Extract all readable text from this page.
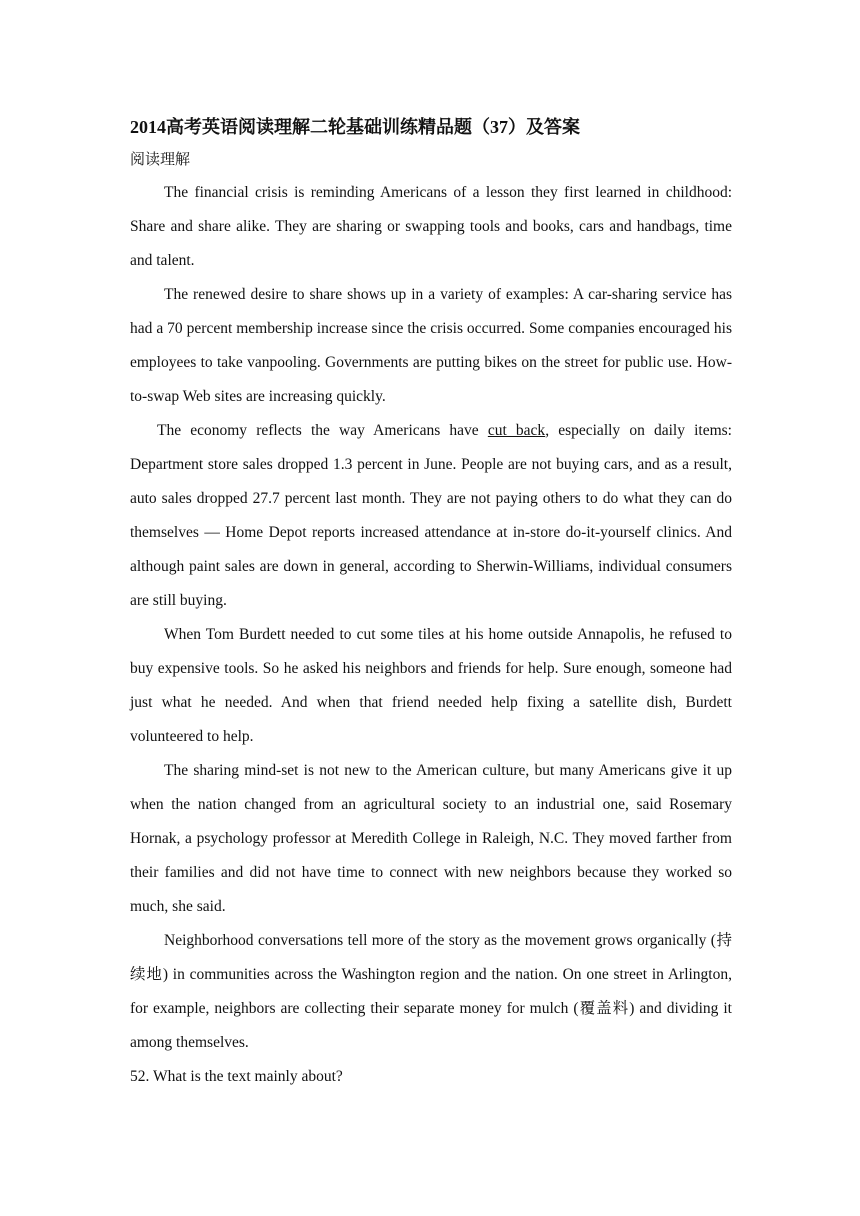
2014高考英语阅读理解二轮基础训练精品题（37）及答案
阅读理解

The financial crisis is reminding Americans of a lesson they first learned in childhood: Share and share alike. They are sharing or swapping tools and books, cars and handbags, time and talent.

The renewed desire to share shows up in a variety of examples: A car-sharing service has had a 70 percent membership increase since the crisis occurred. Some companies encouraged his employees to take vanpooling. Governments are putting bikes on the street for public use. How-to-swap Web sites are increasing quickly.

The economy reflects the way Americans have cut back, especially on daily items: Department store sales dropped 1.3 percent in June. People are not buying cars, and as a result, auto sales dropped 27.7 percent last month. They are not paying others to do what they can do themselves — Home Depot reports increased attendance at in-store do-it-yourself clinics. And although paint sales are down in general, according to Sherwin-Williams, individual consumers are still buying.

When Tom Burdett needed to cut some tiles at his home outside Annapolis, he refused to buy expensive tools. So he asked his neighbors and friends for help. Sure enough, someone had just what he needed. And when that friend needed help fixing a satellite dish, Burdett volunteered to help.

The sharing mind-set is not new to the American culture, but many Americans give it up when the nation changed from an agricultural society to an industrial one, said Rosemary Hornak, a psychology professor at Meredith College in Raleigh, N.C. They moved farther from their families and did not have time to connect with new neighbors because they worked so much, she said.

Neighborhood conversations tell more of the story as the movement grows organically (持续地) in communities across the Washington region and the nation. On one street in Arlington, for example, neighbors are collecting their separate money for mulch (覆盖料) and dividing it among themselves.

52. What is the text mainly about?
